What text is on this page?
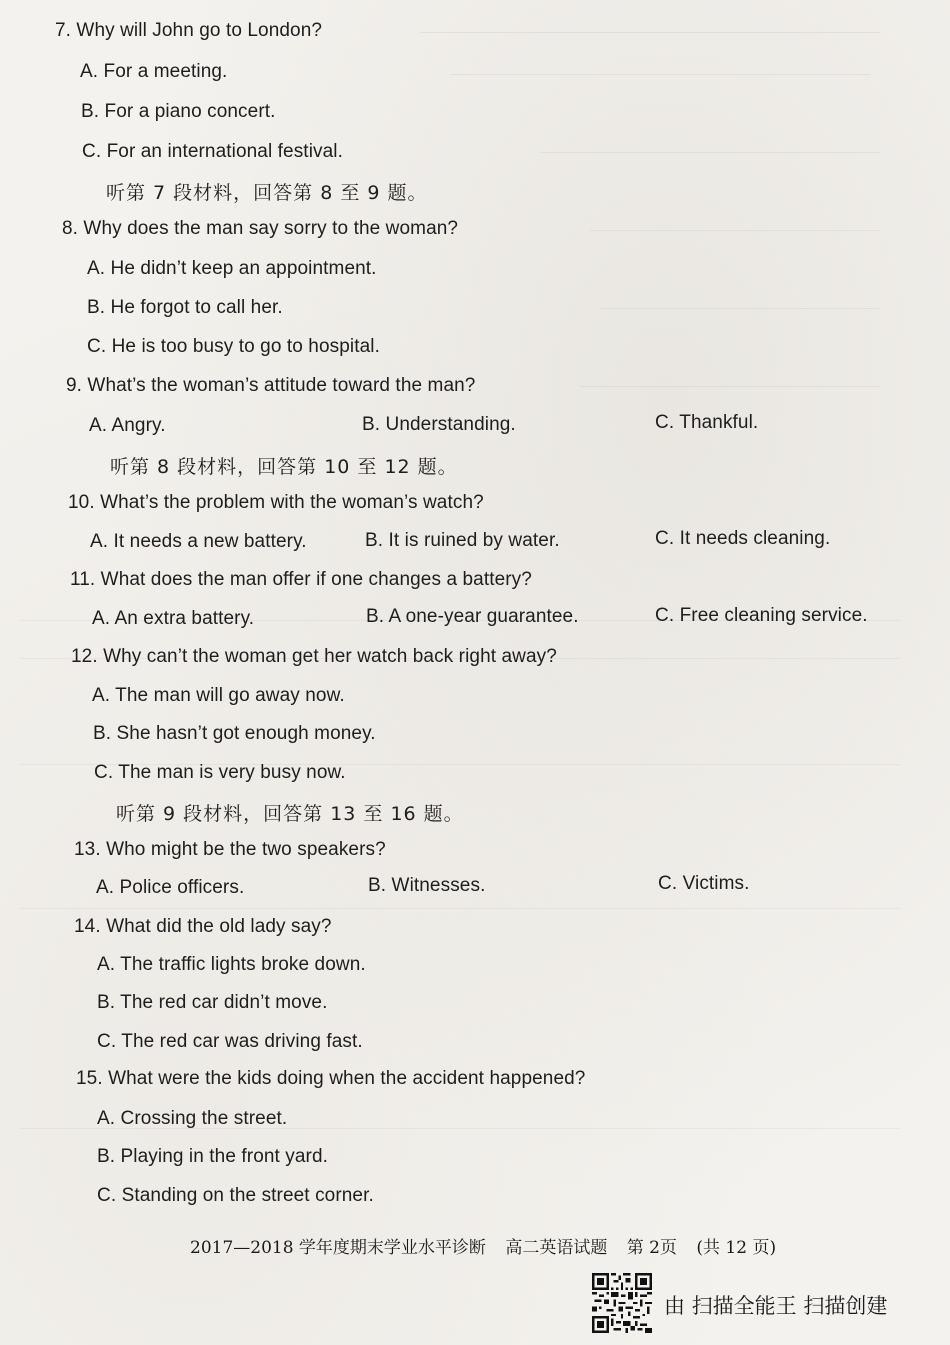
7. Why will John go to London?
A. For a meeting.
B. For a piano concert.
C. For an international festival.
听第 7 段材料，回答第 8 至 9 题。
8. Why does the man say sorry to the woman?
A. He didn’t keep an appointment.
B. He forgot to call her.
C. He is too busy to go to hospital.
9. What’s the woman’s attitude toward the man?
A. Angry.	B. Understanding.	C. Thankful.
听第 8 段材料，回答第 10 至 12 题。
10. What’s the problem with the woman’s watch?
A. It needs a new battery.	B. It is ruined by water.	C. It needs cleaning.
11. What does the man offer if one changes a battery?
A. An extra battery.	B. A one-year guarantee.	C. Free cleaning service.
12. Why can’t the woman get her watch back right away?
A. The man will go away now.
B. She hasn’t got enough money.
C. The man is very busy now.
听第 9 段材料，回答第 13 至 16 题。
13. Who might be the two speakers?
A. Police officers.	B. Witnesses.	C. Victims.
14. What did the old lady say?
A. The traffic lights broke down.
B. The red car didn’t move.
C. The red car was driving fast.
15. What were the kids doing when the accident happened?
A. Crossing the street.
B. Playing in the front yard.
C. Standing on the street corner.
2017—2018 学年度期末学业水平诊断 高二英语试题 第 2页 (共 12 页)
由 扫描全能王 扫描创建
